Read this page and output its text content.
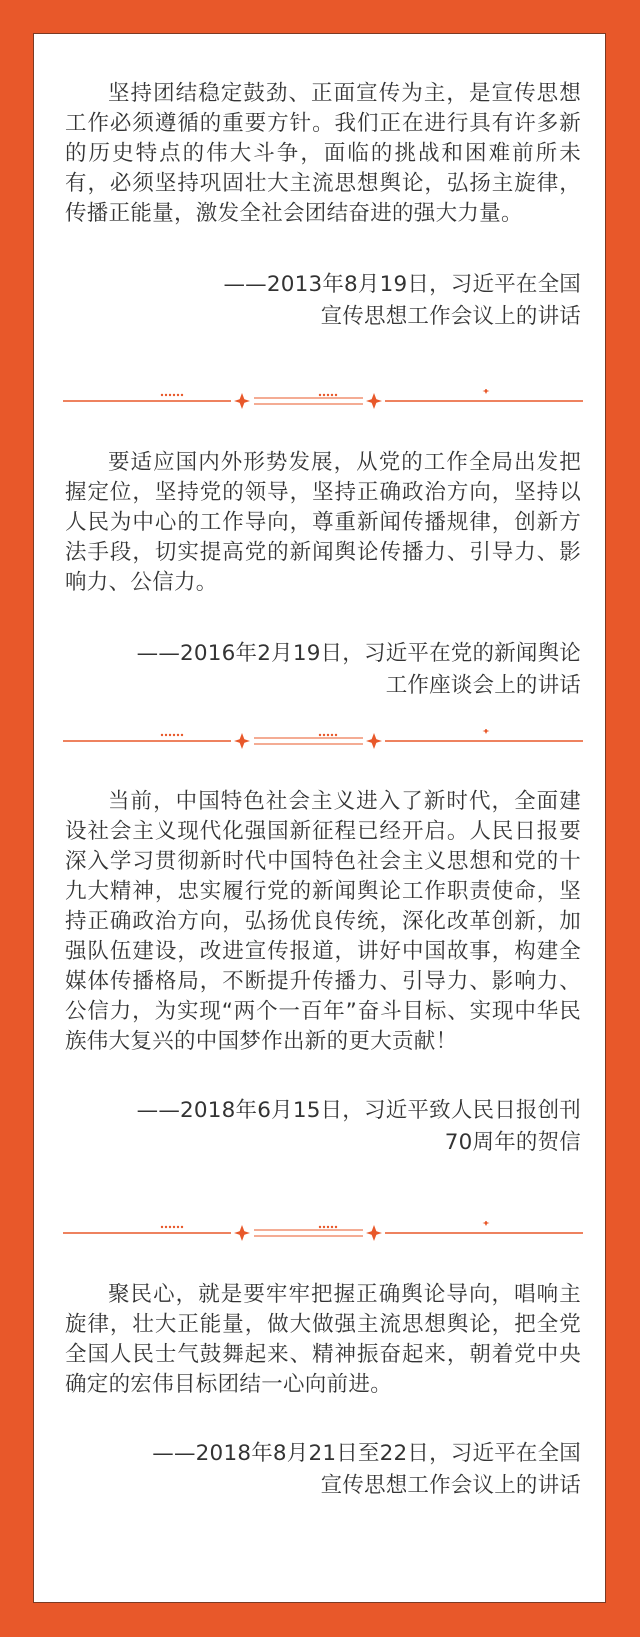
坚持团结稳定鼓劲、正面宣传为主，是宣传思想工作必须遵循的重要方针。我们正在进行具有许多新的历史特点的伟大斗争，面临的挑战和困难前所未有，必须坚持巩固壮大主流思想舆论，弘扬主旋律，传播正能量，激发全社会团结奋进的强大力量。

——2013年8月19日，习近平在全国
宣传思想工作会议上的讲话

要适应国内外形势发展，从党的工作全局出发把握定位，坚持党的领导，坚持正确政治方向，坚持以人民为中心的工作导向，尊重新闻传播规律，创新方法手段，切实提高党的新闻舆论传播力、引导力、影响力、公信力。

——2016年2月19日，习近平在党的新闻舆论
工作座谈会上的讲话

当前，中国特色社会主义进入了新时代，全面建设社会主义现代化强国新征程已经开启。人民日报要深入学习贯彻新时代中国特色社会主义思想和党的十九大精神，忠实履行党的新闻舆论工作职责使命，坚持正确政治方向，弘扬优良传统，深化改革创新，加强队伍建设，改进宣传报道，讲好中国故事，构建全媒体传播格局，不断提升传播力、引导力、影响力、公信力，为实现“两个一百年”奋斗目标、实现中华民族伟大复兴的中国梦作出新的更大贡献！

——2018年6月15日，习近平致人民日报创刊
70周年的贺信

聚民心，就是要牢牢把握正确舆论导向，唱响主旋律，壮大正能量，做大做强主流思想舆论，把全党全国人民士气鼓舞起来、精神振奋起来，朝着党中央确定的宏伟目标团结一心向前进。

——2018年8月21日至22日，习近平在全国
宣传思想工作会议上的讲话
